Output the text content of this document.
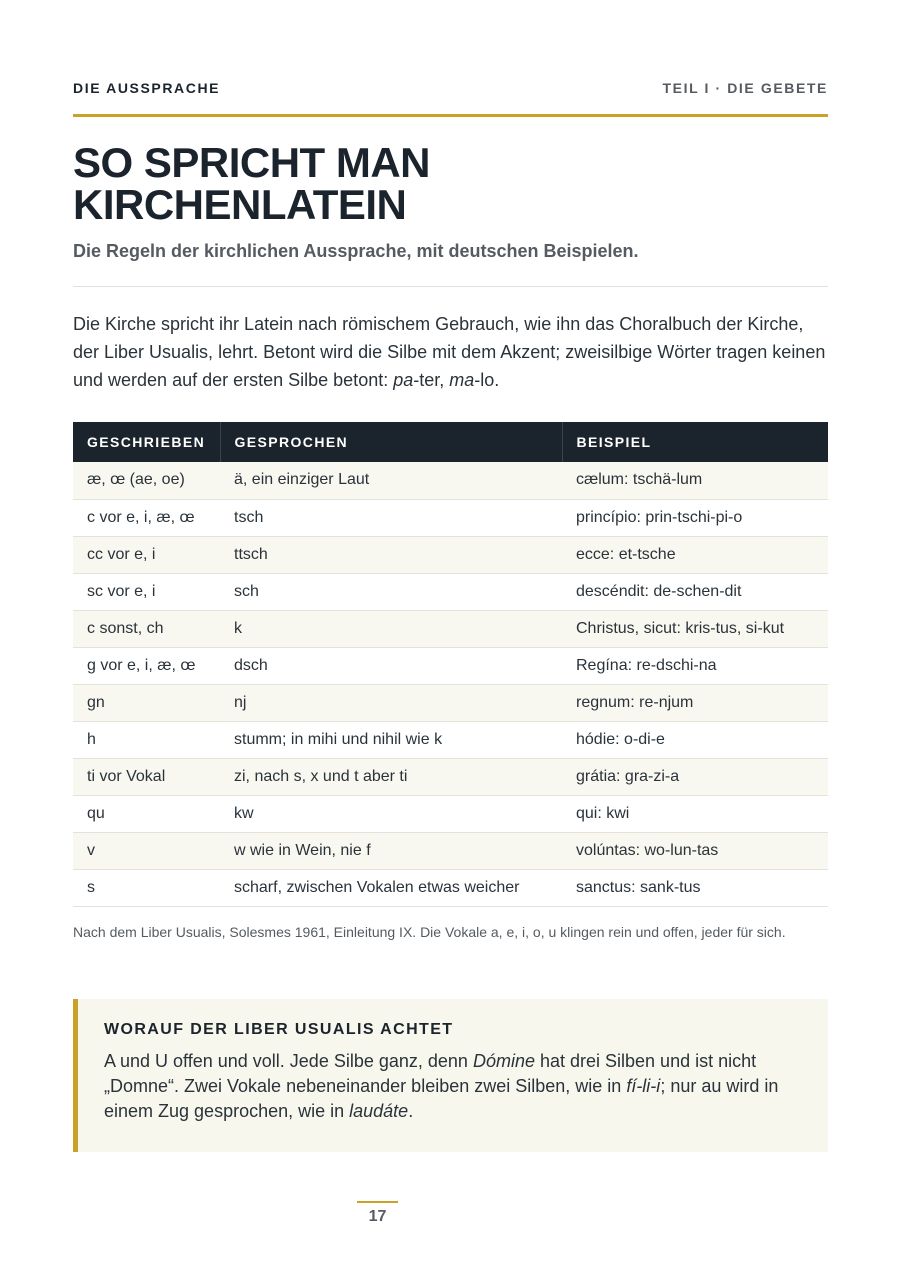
DIE AUSSPRACHE	TEIL I · DIE GEBETE
SO SPRICHT MAN
KIRCHENLATEIN
Die Regeln der kirchlichen Aussprache, mit deutschen Beispielen.

Die Kirche spricht ihr Latein nach römischem Gebrauch, wie ihn das Choralbuch der Kirche, der Liber Usualis, lehrt. Betont wird die Silbe mit dem Akzent; zweisilbige Wörter tragen keinen und werden auf der ersten Silbe betont: pa-ter, ma-lo.

GESCHRIEBEN	GESPROCHEN	BEISPIEL
æ, œ (ae, oe)	ä, ein einziger Laut	cælum: tschä-lum
c vor e, i, æ, œ	tsch	princípio: prin-tschi-pi-o
cc vor e, i	ttsch	ecce: et-tsche
sc vor e, i	sch	descéndit: de-schen-dit
c sonst, ch	k	Christus, sicut: kris-tus, si-kut
g vor e, i, æ, œ	dsch	Regína: re-dschi-na
gn	nj	regnum: re-njum
h	stumm; in mihi und nihil wie k	hódie: o-di-e
ti vor Vokal	zi, nach s, x und t aber ti	grátia: gra-zi-a
qu	kw	qui: kwi
v	w wie in Wein, nie f	volúntas: wo-lun-tas
s	scharf, zwischen Vokalen etwas weicher	sanctus: sank-tus

Nach dem Liber Usualis, Solesmes 1961, Einleitung IX. Die Vokale a, e, i, o, u klingen rein und offen, jeder für sich.

WORAUF DER LIBER USUALIS ACHTET

A und U offen und voll. Jede Silbe ganz, denn Dómine hat drei Silben und ist nicht „Domne“. Zwei Vokale nebeneinander bleiben zwei Silben, wie in fí-li-i; nur au wird in einem Zug gesprochen, wie in laudáte.

17
